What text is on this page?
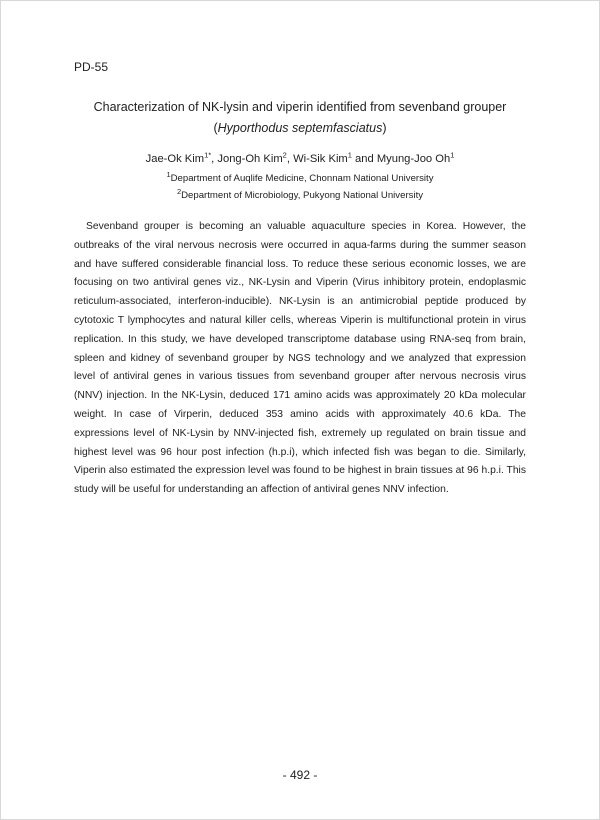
PD-55
Characterization of NK-lysin and viperin identified from sevenband grouper
(Hyporthodus septemfasciatus)
Jae-Ok Kim$^{1*}$, Jong-Oh Kim$^2$, Wi-Sik Kim$^1$ and Myung-Joo Oh$^1$
$^1$Department of Auqlife Medicine, Chonnam National University
$^2$Department of Microbiology, Pukyong National University

Sevenband grouper is becoming an valuable aquaculture species in Korea. However, the outbreaks of the viral nervous necrosis were occurred in aqua-farms during the summer season and have suffered considerable financial loss. To reduce these serious economic losses, we are focusing on two antiviral genes viz., NK-Lysin and Viperin (Virus inhibitory protein, endoplasmic reticulum-associated, interferon-inducible). NK-Lysin is an antimicrobial peptide produced by cytotoxic T lymphocytes and natural killer cells, whereas Viperin is multifunctional protein in virus replication. In this study, we have developed transcriptome database using RNA-seq from brain, spleen and kidney of sevenband grouper by NGS technology and we analyzed that expression level of antiviral genes in various tissues from sevenband grouper after nervous necrosis virus (NNV) injection. In the NK-Lysin, deduced 171 amino acids was approximately 20 kDa molecular weight. In case of Virperin, deduced 353 amino acids with approximately 40.6 kDa. The expressions level of NK-Lysin by NNV-injected fish, extremely up regulated on brain tissue and highest level was 96 hour post infection (h.p.i), which infected fish was began to die. Similarly, Viperin also estimated the expression level was found to be highest in brain tissues at 96 h.p.i. This study will be useful for understanding an affection of antiviral genes NNV infection.

- 492 -
